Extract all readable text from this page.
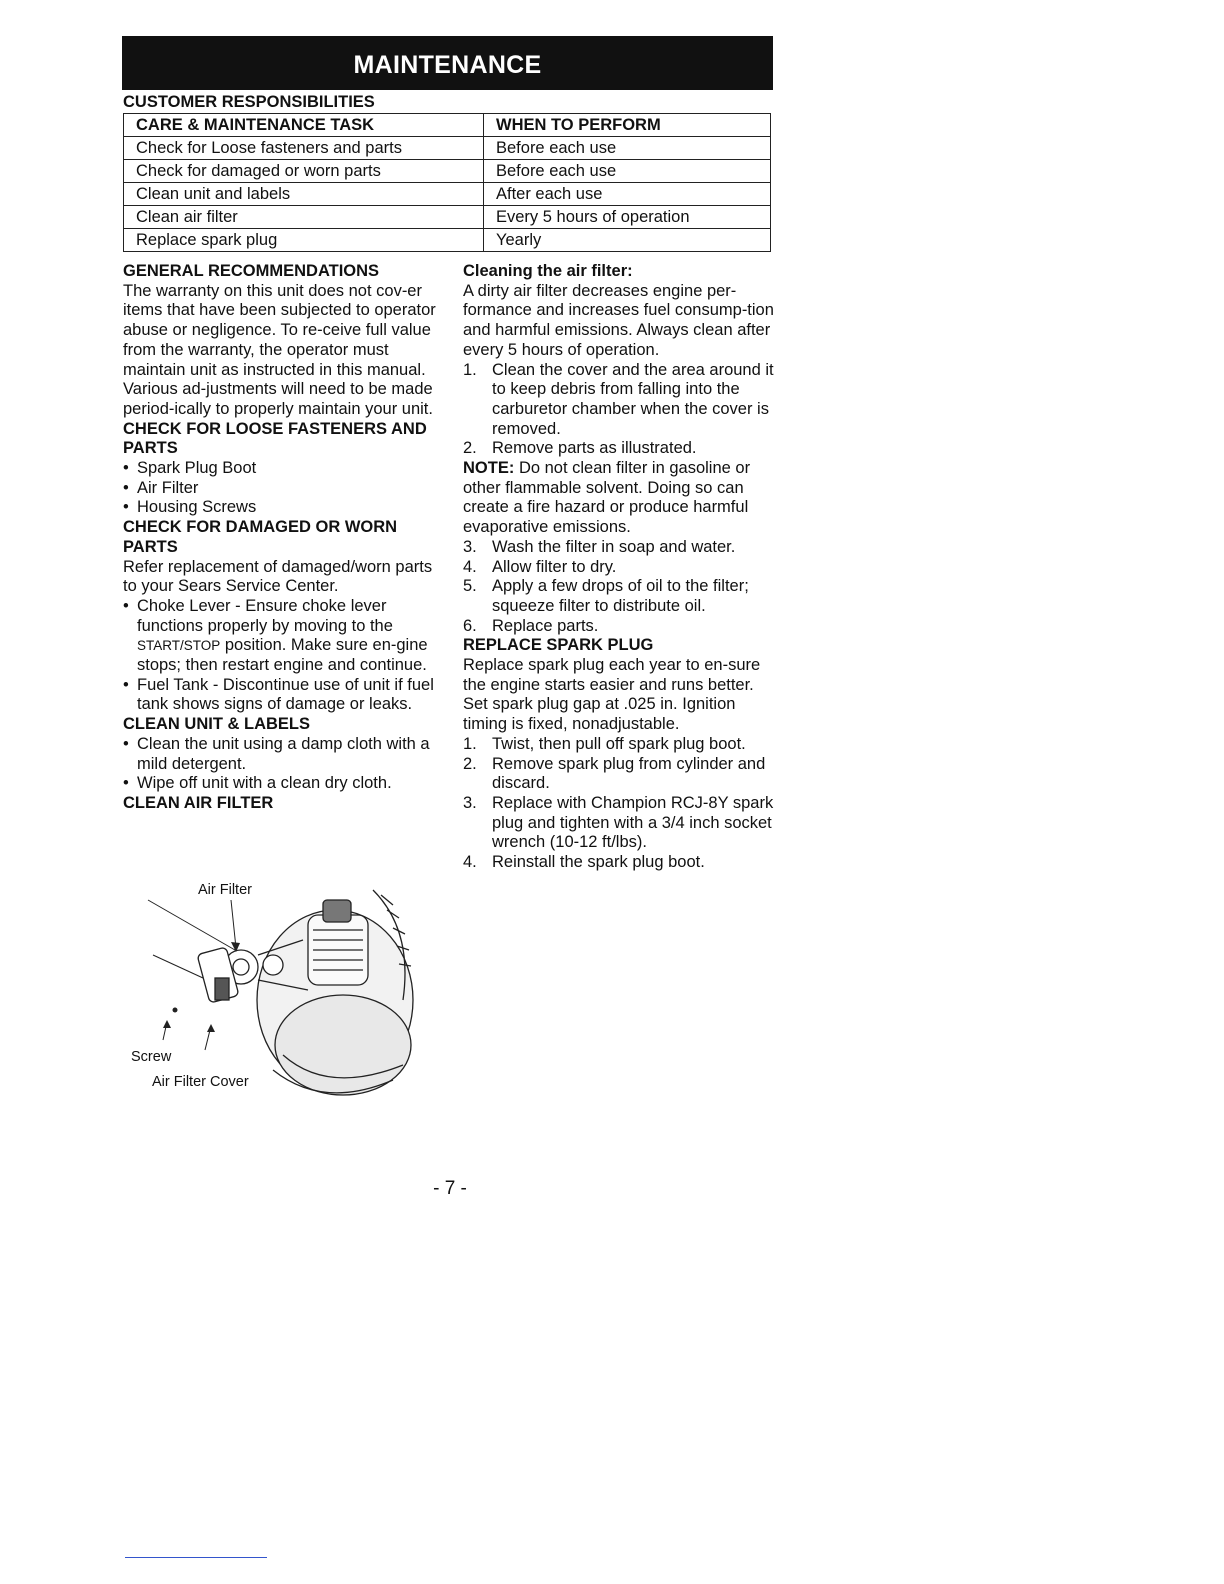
MAINTENANCE
CUSTOMER RESPONSIBILITIES
CARE & MAINTENANCE TASK	WHEN TO PERFORM
Check for Loose fasteners and parts	Before each use
Check for damaged or worn parts	Before each use
Clean unit and labels	After each use
Clean air filter	Every 5 hours of operation
Replace spark plug	Yearly

GENERAL RECOMMENDATIONS

The warranty on this unit does not cov-er items that have been subjected to operator abuse or negligence. To re-ceive full value from the warranty, the operator must maintain unit as instructed in this manual. Various ad-justments will need to be made period-ically to properly maintain your unit.

CHECK FOR LOOSE FASTENERS AND PARTS

• Spark Plug Boot
• Air Filter
• Housing Screws

CHECK FOR DAMAGED OR WORN PARTS

Refer replacement of damaged/worn parts to your Sears Service Center.

• Choke Lever - Ensure choke lever functions properly by moving to the START/STOP position. Make sure en-gine stops; then restart engine and continue.
• Fuel Tank - Discontinue use of unit if fuel tank shows signs of damage or leaks.

CLEAN UNIT & LABELS

• Clean the unit using a damp cloth with a mild detergent.
• Wipe off unit with a clean dry cloth.

CLEAN AIR FILTER

Air Filter
Screw
Air Filter Cover

Cleaning the air filter:

A dirty air filter decreases engine per-formance and increases fuel consump-tion and harmful emissions. Always clean after every 5 hours of operation.

1. Clean the cover and the area around it to keep debris from falling into the carburetor chamber when the cover is removed.
2. Remove parts as illustrated.

NOTE: Do not clean filter in gasoline or other flammable solvent. Doing so can create a fire hazard or produce harmful evaporative emissions.

3. Wash the filter in soap and water.
4. Allow filter to dry.
5. Apply a few drops of oil to the filter; squeeze filter to distribute oil.
6. Replace parts.

REPLACE SPARK PLUG

Replace spark plug each year to en-sure the engine starts easier and runs better. Set spark plug gap at .025 in. Ignition timing is fixed, nonadjustable.

1. Twist, then pull off spark plug boot.
2. Remove spark plug from cylinder and discard.
3. Replace with Champion RCJ-8Y spark plug and tighten with a 3/4 inch socket wrench (10-12 ft/lbs).
4. Reinstall the spark plug boot.
- 7 -
